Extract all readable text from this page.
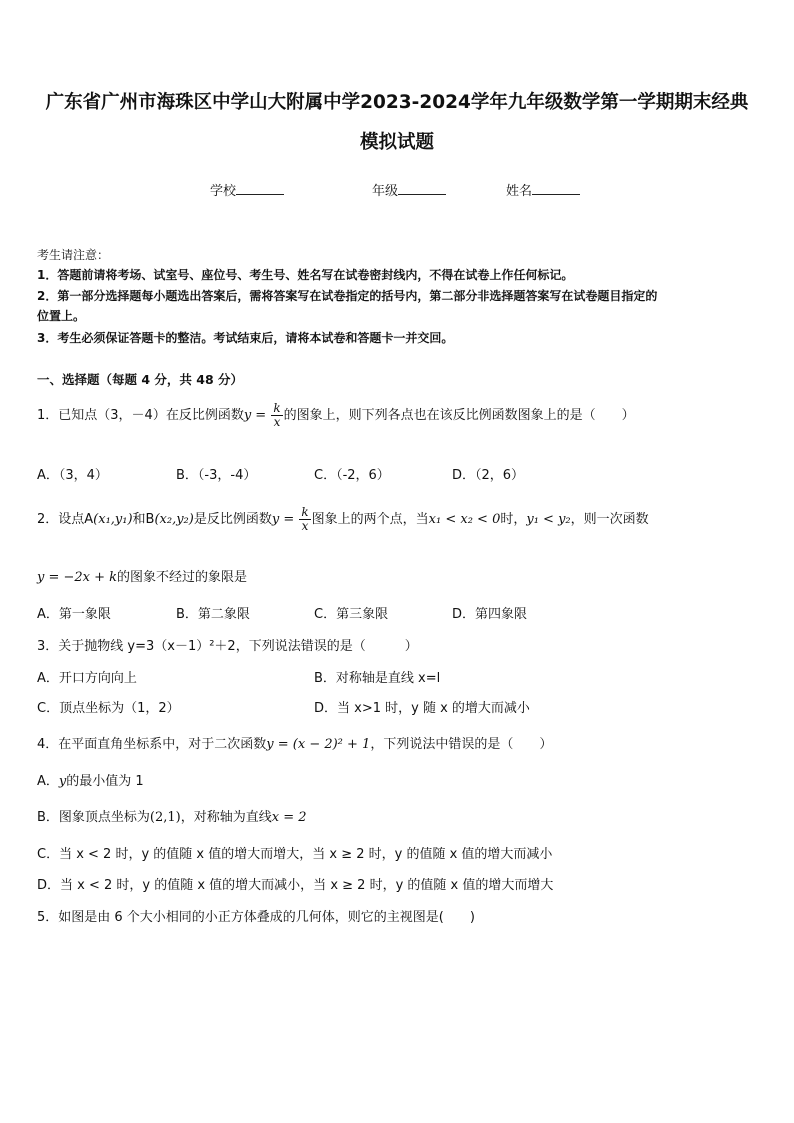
广东省广州市海珠区中学山大附属中学2023-2024学年九年级数学第一学期期末经典
模拟试题
学校	年级	姓名
考生请注意：
1．答题前请将考场、试室号、座位号、考生号、姓名写在试卷密封线内，不得在试卷上作任何标记。
2．第一部分选择题每小题选出答案后，需将答案写在试卷指定的括号内，第二部分非选择题答案写在试卷题目指定的
位置上。
3．考生必须保证答题卡的整洁。考试结束后，请将本试卷和答题卡一并交回。
一、选择题（每题 4 分，共 48 分）
1．已知点（3，－4）在反比例函数$y = \frac{k}{x}$ 的图象上，则下列各点也在该反比例函数图象上的是（　　）
A．（3，4）	B．（-3，-4）	C．（-2，6）	D．（2，6）
2．设点A(x₁,y₁)和B(x₂,y₂)是反比例函数$y = \frac{k}{x}$ 图象上的两个点，当x₁ < x₂ < 0时，y₁ < y₂，则一次函数
y = −2x + k的图象不经过的象限是
A．第一象限	B．第二象限	C．第三象限	D．第四象限
3．关于抛物线 y=3（x－1）²＋2，下列说法错误的是（　　　）
A．开口方向向上	B．对称轴是直线 x=l
C．顶点坐标为（1，2）	D．当 x>1 时，y 随 x 的增大而减小
4．在平面直角坐标系中，对于二次函数y = (x − 2)² + 1，下列说法中错误的是（　　）
A．y的最小值为 1
B．图象顶点坐标为(2,1)，对称轴为直线x = 2
C．当 x < 2 时，y 的值随 x 值的增大而增大，当 x ≥ 2 时，y 的值随 x 值的增大而减小
D．当 x < 2 时，y 的值随 x 值的增大而减小，当 x ≥ 2 时，y 的值随 x 值的增大而增大
5．如图是由 6 个大小相同的小正方体叠成的几何体，则它的主视图是(　　)
